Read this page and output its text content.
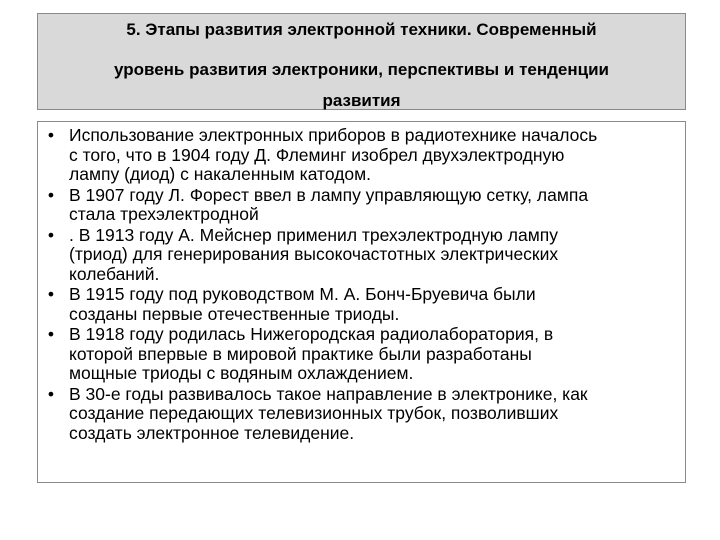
5. Этапы развития электронной техники. Современный
уровень развития электроники, перспективы и тенденции
развития
• Использование электронных приборов в радиотехнике началось
с того, что в 1904 году Д. Флеминг изобрел двухэлектродную
лампу (диод) с накаленным катодом.
• В 1907 году Л. Форест ввел в лампу управляющую сетку, лампа
стала трехэлектродной
• . В 1913 году А. Мейснер применил трехэлектродную лампу
(триод) для генерирования высокочастотных электрических
колебаний.
• В 1915 году под руководством М. А. Бонч-Бруевича были
созданы первые отечественные триоды.
• В 1918 году родилась Нижегородская радиолаборатория, в
которой впервые в мировой практике были разработаны
мощные триоды с водяным охлаждением.
• В 30-е годы развивалось такое направление в электронике, как
создание передающих телевизионных трубок, позволивших
создать электронное телевидение.
